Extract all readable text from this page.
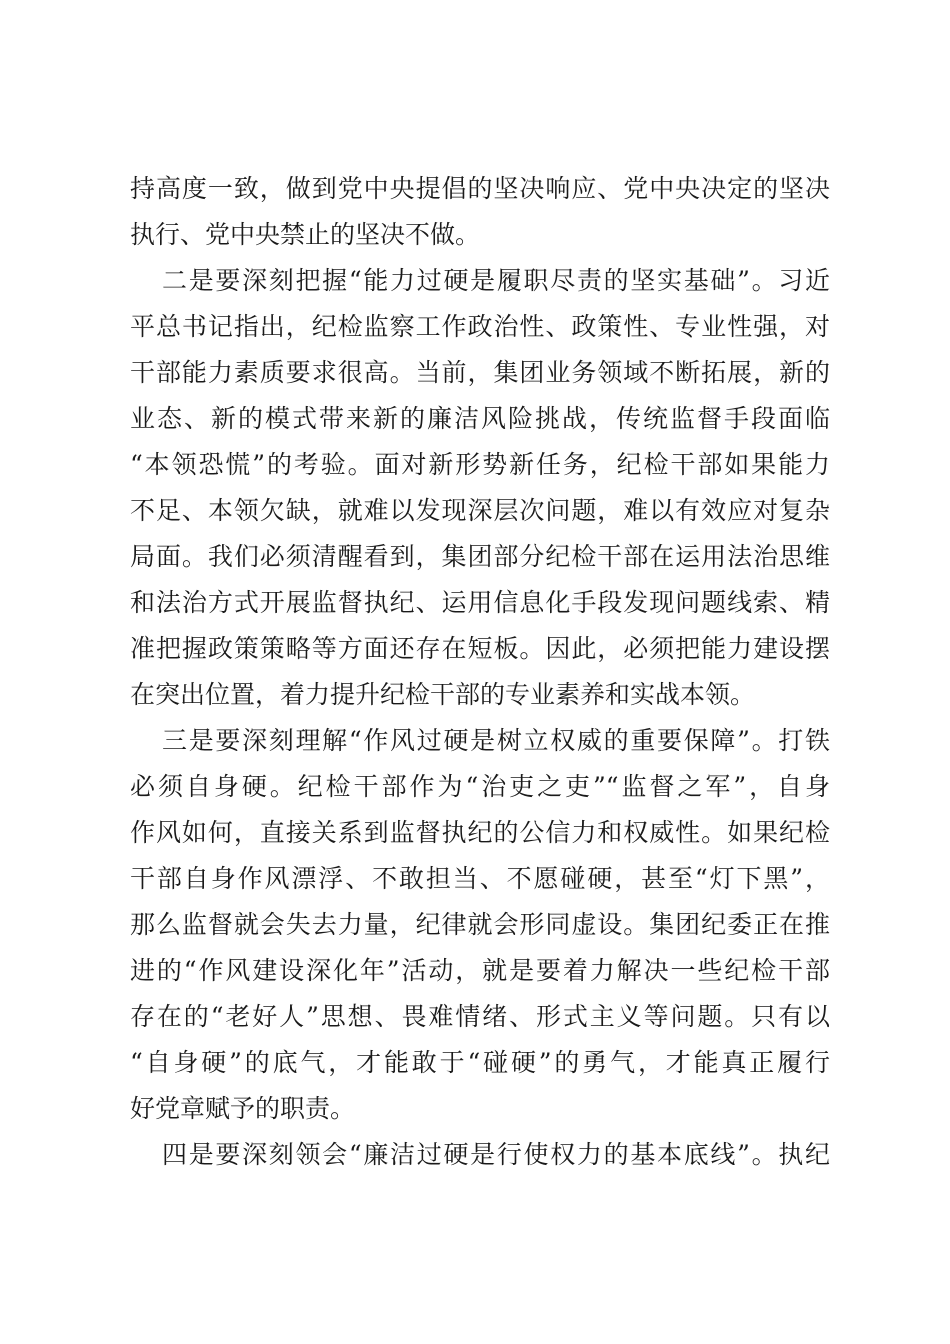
持高度一致，做到党中央提倡的坚决响应、党中央决定的坚决
执行、党中央禁止的坚决不做。
二是要深刻把握“能力过硬是履职尽责的坚实基础”。习近
平总书记指出，纪检监察工作政治性、政策性、专业性强，对
干部能力素质要求很高。当前，集团业务领域不断拓展，新的
业态、新的模式带来新的廉洁风险挑战，传统监督手段面临
“本领恐慌”的考验。面对新形势新任务，纪检干部如果能力
不足、本领欠缺，就难以发现深层次问题，难以有效应对复杂
局面。我们必须清醒看到，集团部分纪检干部在运用法治思维
和法治方式开展监督执纪、运用信息化手段发现问题线索、精
准把握政策策略等方面还存在短板。因此，必须把能力建设摆
在突出位置，着力提升纪检干部的专业素养和实战本领。
三是要深刻理解“作风过硬是树立权威的重要保障”。打铁
必须自身硬。纪检干部作为“治吏之吏”“监督之军”，自身
作风如何，直接关系到监督执纪的公信力和权威性。如果纪检
干部自身作风漂浮、不敢担当、不愿碰硬，甚至“灯下黑”，
那么监督就会失去力量，纪律就会形同虚设。集团纪委正在推
进的“作风建设深化年”活动，就是要着力解决一些纪检干部
存在的“老好人”思想、畏难情绪、形式主义等问题。只有以
“自身硬”的底气，才能敢于“碰硬”的勇气，才能真正履行
好党章赋予的职责。
四是要深刻领会“廉洁过硬是行使权力的基本底线”。执纪
